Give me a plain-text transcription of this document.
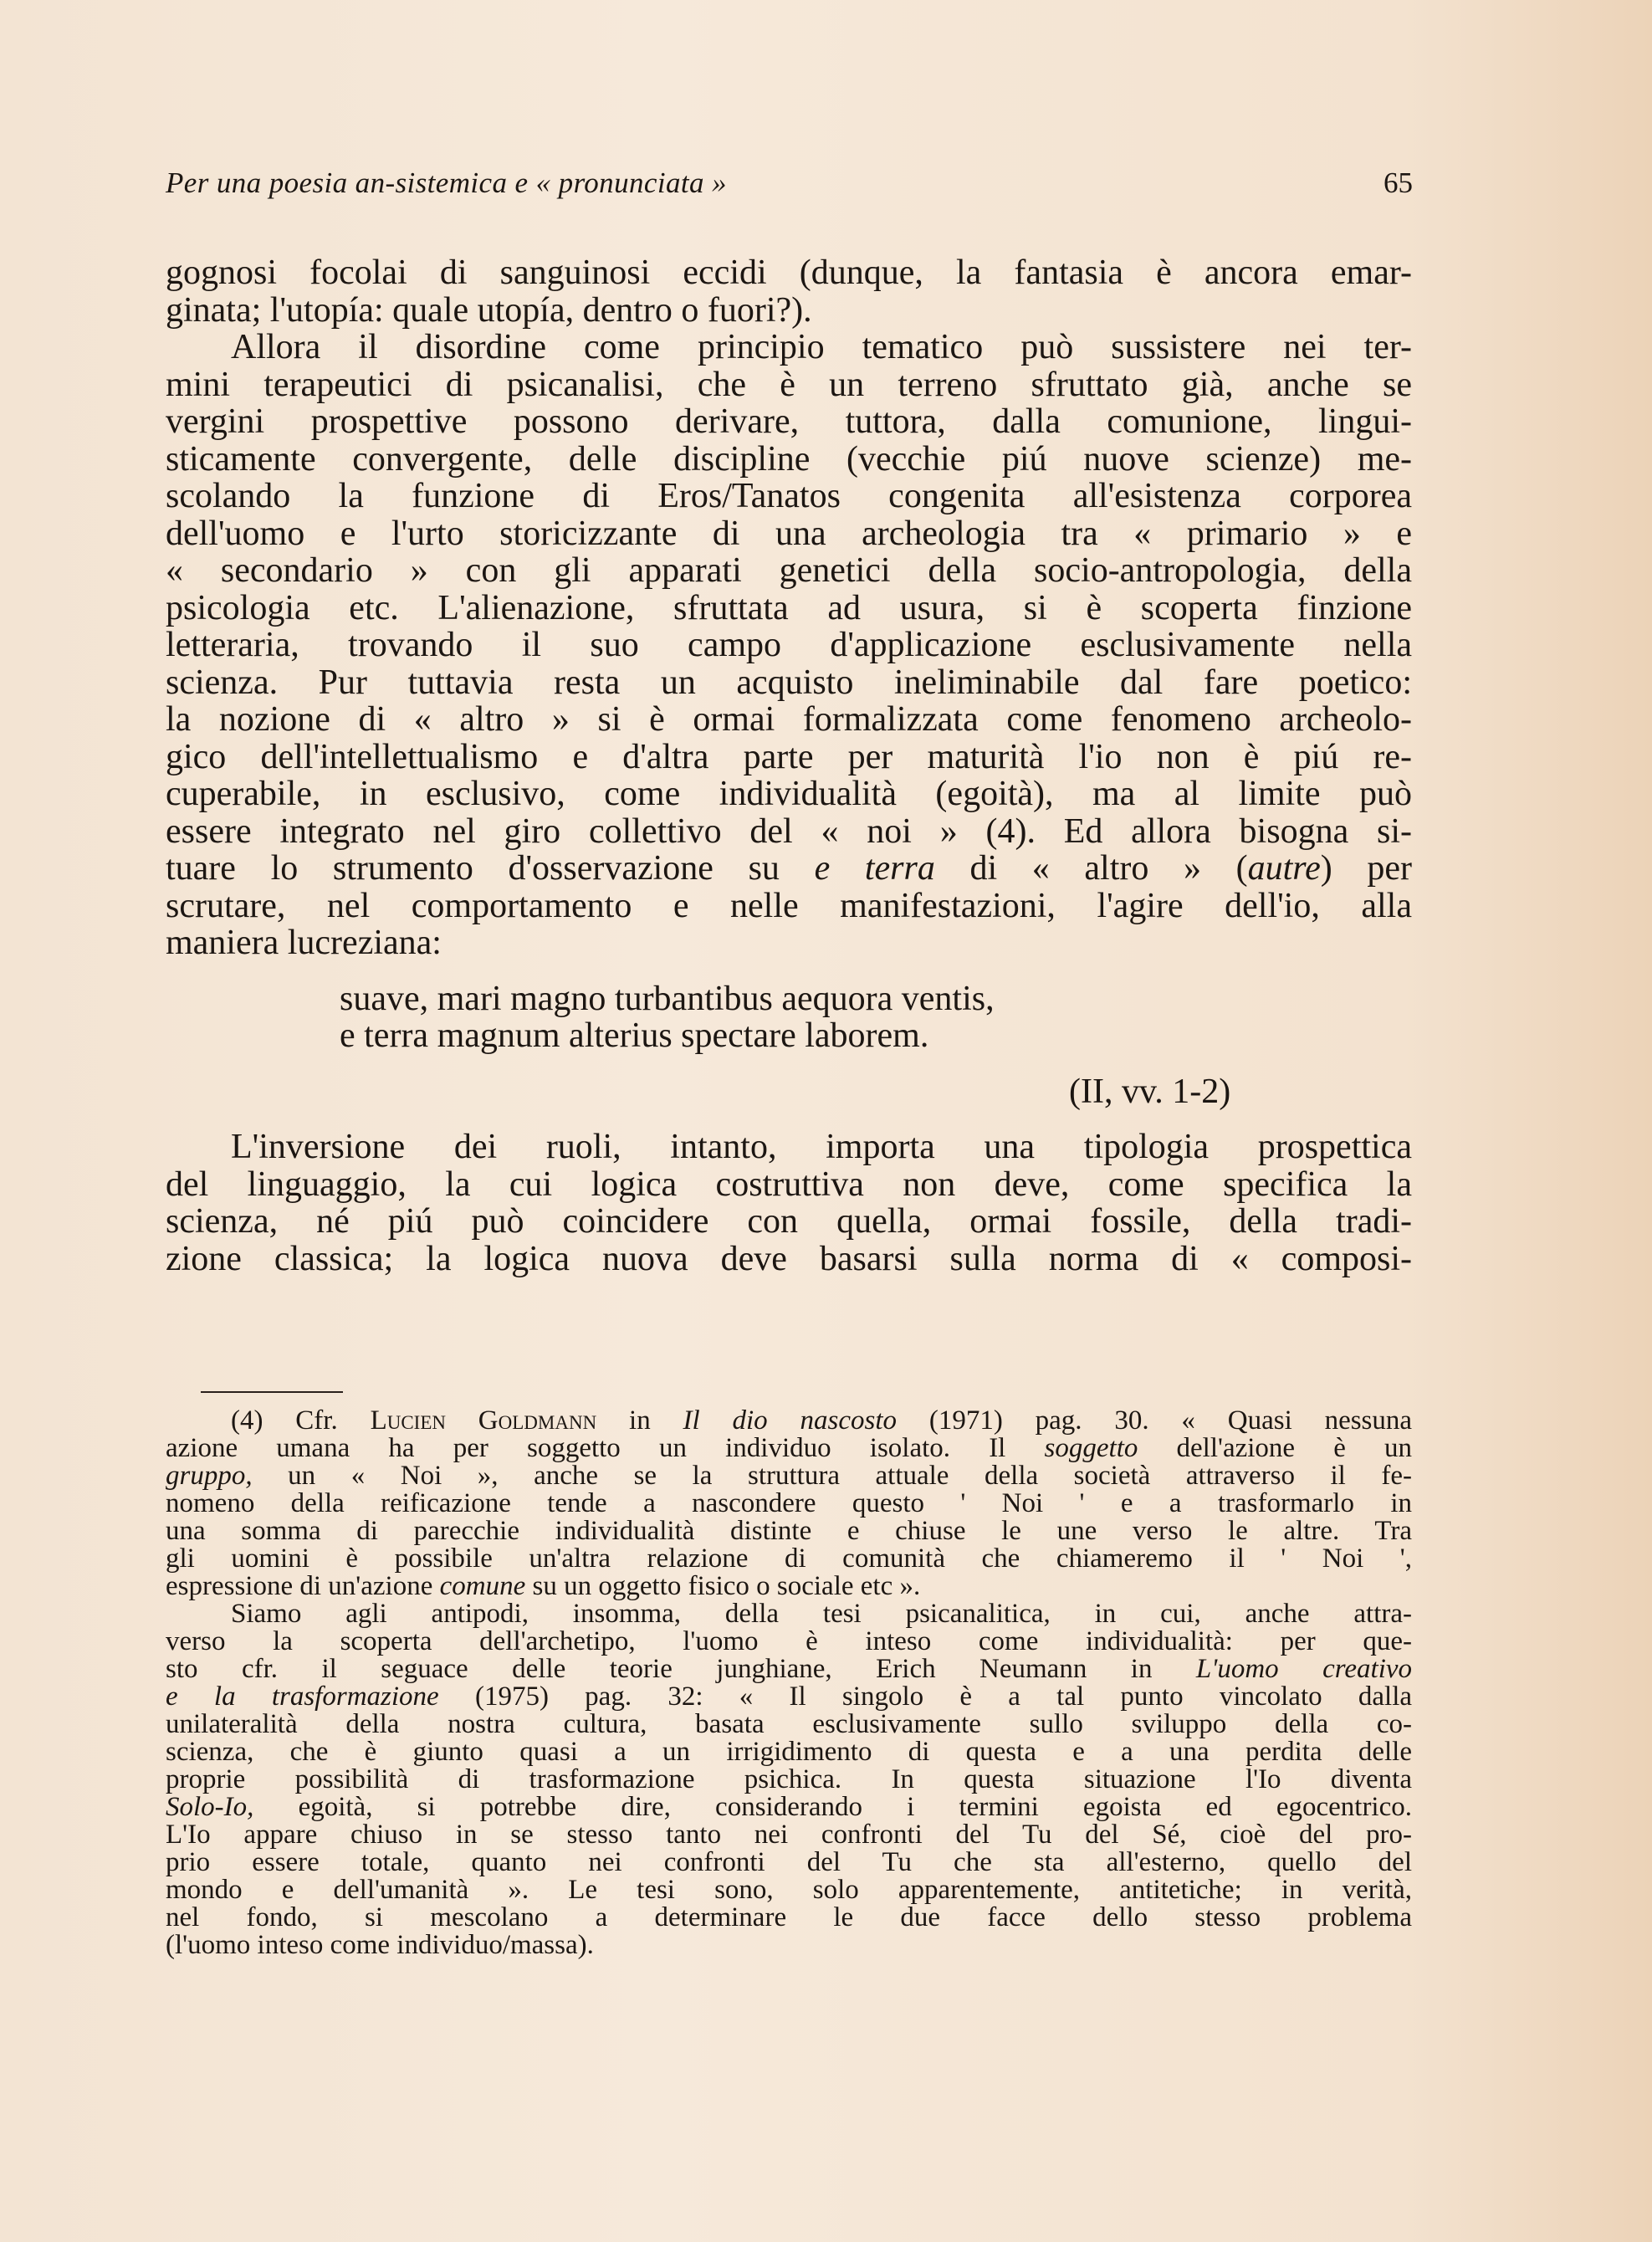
Per una poesia an-sistemica e « pronunciata »	65
gognosi focolai di sanguinosi eccidi (dunque, la fantasia è ancora emar-
ginata; l'utopía: quale utopía, dentro o fuori?).
Allora il disordine come principio tematico può sussistere nei ter-
mini terapeutici di psicanalisi, che è un terreno sfruttato già, anche se
vergini prospettive possono derivare, tuttora, dalla comunione, lingui-
sticamente convergente, delle discipline (vecchie piú nuove scienze) me-
scolando la funzione di Eros/Tanatos congenita all'esistenza corporea
dell'uomo e l'urto storicizzante di una archeologia tra « primario » e
« secondario » con gli apparati genetici della socio-antropologia, della
psicologia etc. L'alienazione, sfruttata ad usura, si è scoperta finzione
letteraria, trovando il suo campo d'applicazione esclusivamente nella
scienza. Pur tuttavia resta un acquisto ineliminabile dal fare poetico:
la nozione di « altro » si è ormai formalizzata come fenomeno archeolo-
gico dell'intellettualismo e d'altra parte per maturità l'io non è piú re-
cuperabile, in esclusivo, come individualità (egoità), ma al limite può
essere integrato nel giro collettivo del « noi » (4). Ed allora bisogna si-
tuare lo strumento d'osservazione su e terra di « altro » (autre) per
scrutare, nel comportamento e nelle manifestazioni, l'agire dell'io, alla
maniera lucreziana:
suave, mari magno turbantibus aequora ventis,
e terra magnum alterius spectare laborem.
(II, vv. 1-2)
L'inversione dei ruoli, intanto, importa una tipologia prospettica
del linguaggio, la cui logica costruttiva non deve, come specifica la
scienza, né piú può coincidere con quella, ormai fossile, della tradi-
zione classica; la logica nuova deve basarsi sulla norma di « composi-
(4) Cfr. Lucien Goldmann in Il dio nascosto (1971) pag. 30. « Quasi nessuna
azione umana ha per soggetto un individuo isolato. Il soggetto dell'azione è un
gruppo, un « Noi », anche se la struttura attuale della società attraverso il fe-
nomeno della reificazione tende a nascondere questo ' Noi ' e a trasformarlo in
una somma di parecchie individualità distinte e chiuse le une verso le altre. Tra
gli uomini è possibile un'altra relazione di comunità che chiameremo il ' Noi ',
espressione di un'azione comune su un oggetto fisico o sociale etc ».
Siamo agli antipodi, insomma, della tesi psicanalitica, in cui, anche attra-
verso la scoperta dell'archetipo, l'uomo è inteso come individualità: per que-
sto cfr. il seguace delle teorie junghiane, Erich Neumann in L'uomo creativo
e la trasformazione (1975) pag. 32: « Il singolo è a tal punto vincolato dalla
unilateralità della nostra cultura, basata esclusivamente sullo sviluppo della co-
scienza, che è giunto quasi a un irrigidimento di questa e a una perdita delle
proprie possibilità di trasformazione psichica. In questa situazione l'Io diventa
Solo-Io, egoità, si potrebbe dire, considerando i termini egoista ed egocentrico.
L'Io appare chiuso in se stesso tanto nei confronti del Tu del Sé, cioè del pro-
prio essere totale, quanto nei confronti del Tu che sta all'esterno, quello del
mondo e dell'umanità ». Le tesi sono, solo apparentemente, antitetiche; in verità,
nel fondo, si mescolano a determinare le due facce dello stesso problema
(l'uomo inteso come individuo/massa).
